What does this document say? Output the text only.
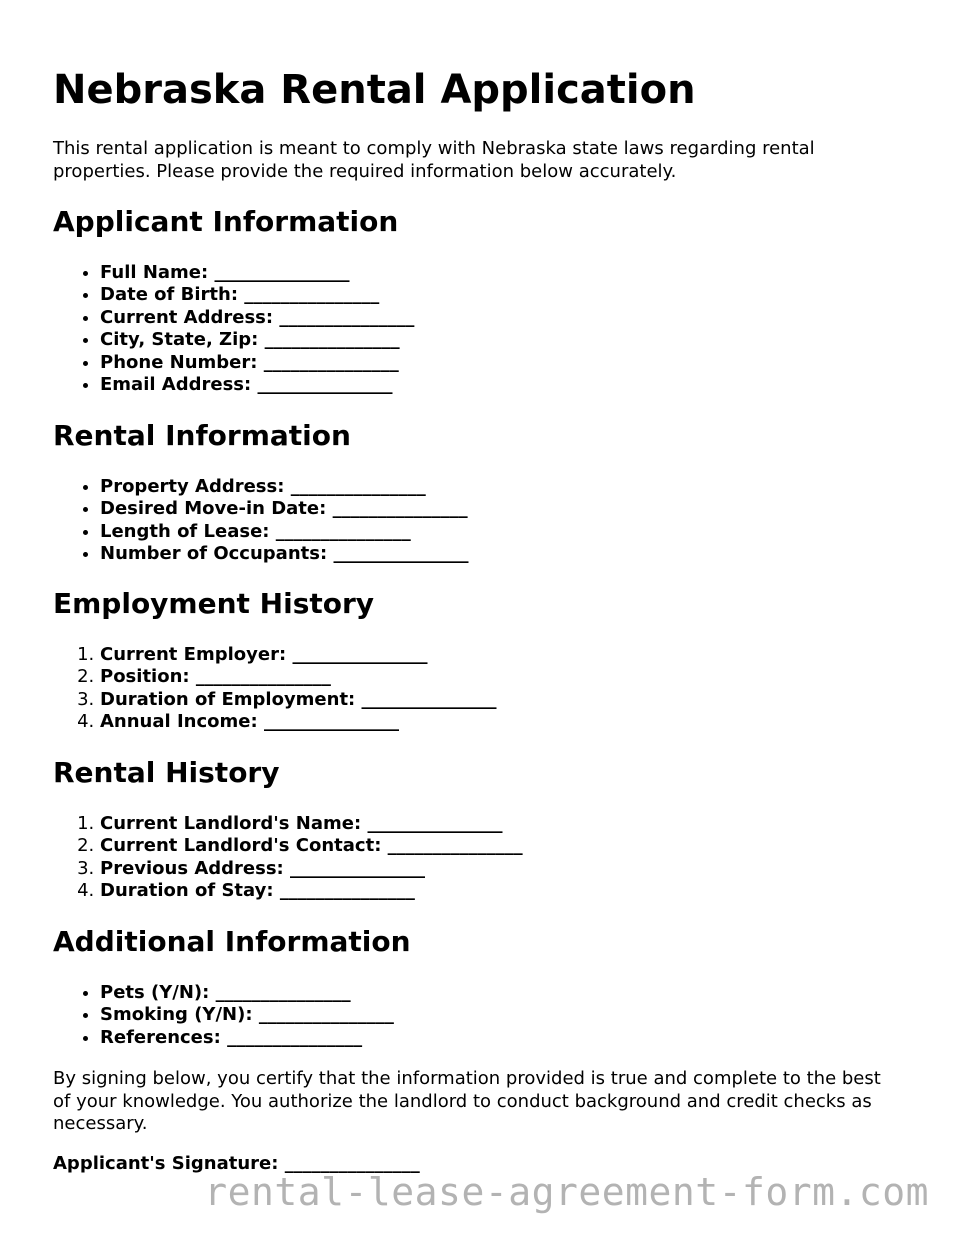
Nebraska Rental Application

This rental application is meant to comply with Nebraska state laws regarding rental properties. Please provide the required information below accurately.

Applicant Information
• Full Name: _______________
• Date of Birth: _______________
• Current Address: _______________
• City, State, Zip: _______________
• Phone Number: _______________
• Email Address: _______________
Rental Information
• Property Address: _______________
• Desired Move-in Date: _______________
• Length of Lease: _______________
• Number of Occupants: _______________
Employment History
1. Current Employer: _______________
2. Position: _______________
3. Duration of Employment: _______________
4. Annual Income: _______________
Rental History
1. Current Landlord's Name: _______________
2. Current Landlord's Contact: _______________
3. Previous Address: _______________
4. Duration of Stay: _______________
Additional Information
• Pets (Y/N): _______________
• Smoking (Y/N): _______________
• References: _______________

By signing below, you certify that the information provided is true and complete to the best of your knowledge. You authorize the landlord to conduct background and credit checks as necessary.

Applicant's Signature: _______________

rental-lease-agreement-form.com
